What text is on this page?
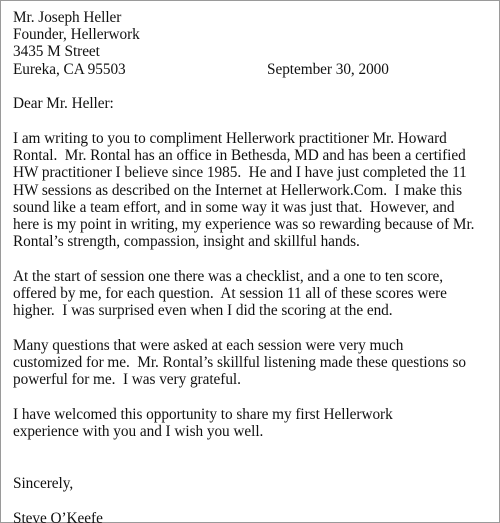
Mr. Joseph Heller
Founder, Hellerwork
3435 M Street
Eureka, CA 95503	September 30, 2000
Dear Mr. Heller:
I am writing to you to compliment Hellerwork practitioner Mr. Howard
Rontal.  Mr. Rontal has an office in Bethesda, MD and has been a certified
HW practitioner I believe since 1985.  He and I have just completed the 11
HW sessions as described on the Internet at Hellerwork.Com.  I make this
sound like a team effort, and in some way it was just that.  However, and
here is my point in writing, my experience was so rewarding because of Mr.
Rontal’s strength, compassion, insight and skillful hands.
At the start of session one there was a checklist, and a one to ten score,
offered by me, for each question.  At session 11 all of these scores were
higher.  I was surprised even when I did the scoring at the end.
Many questions that were asked at each session were very much
customized for me.  Mr. Rontal’s skillful listening made these questions so
powerful for me.  I was very grateful.
I have welcomed this opportunity to share my first Hellerwork
experience with you and I wish you well.
Sincerely,
Steve O’Keefe
